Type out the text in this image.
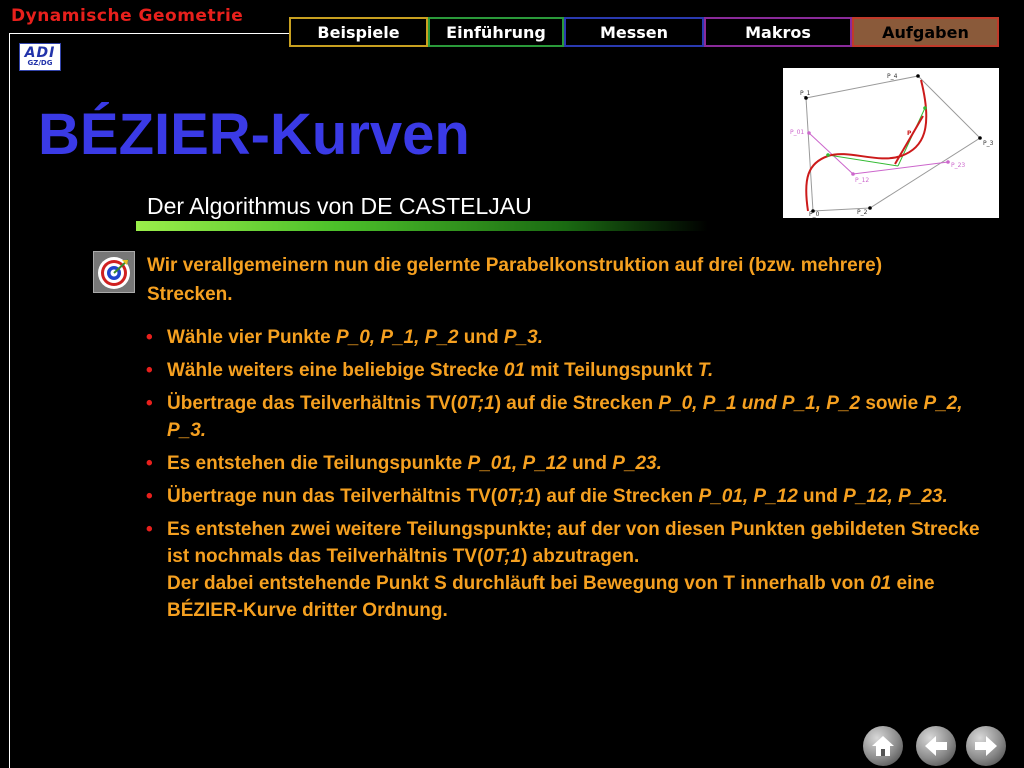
Dynamische Geometrie
ADI
GZ/DG
Beispiele	Einführung	Messen	Makros	Aufgaben
BÉZIER-Kurven
Der Algorithmus von DE CASTELJAU
P_1
P_0	P_2
P_3
P_4
P_01
P_12
P_23
P
Wir verallgemeinern nun die gelernte Parabelkonstruktion auf drei (bzw. mehrere) Strecken.
• Wähle vier Punkte P_0, P_1, P_2 und P_3.
• Wähle weiters eine beliebige Strecke 01 mit Teilungspunkt T.
• Übertrage das Teilverhältnis TV(0T;1) auf die Strecken P_0, P_1 und P_1, P_2 sowie P_2, P_3.
• Es entstehen die Teilungspunkte P_01, P_12 und P_23.
• Übertrage nun das Teilverhältnis TV(0T;1) auf die Strecken P_01, P_12 und P_12, P_23.
• Es entstehen zwei weitere Teilungspunkte; auf der von diesen Punkten gebildeten Strecke ist nochmals das Teilverhältnis TV(0T;1) abzutragen.
Der dabei entstehende Punkt S durchläuft bei Bewegung von T innerhalb von 01 eine BÉZIER-Kurve dritter Ordnung.
